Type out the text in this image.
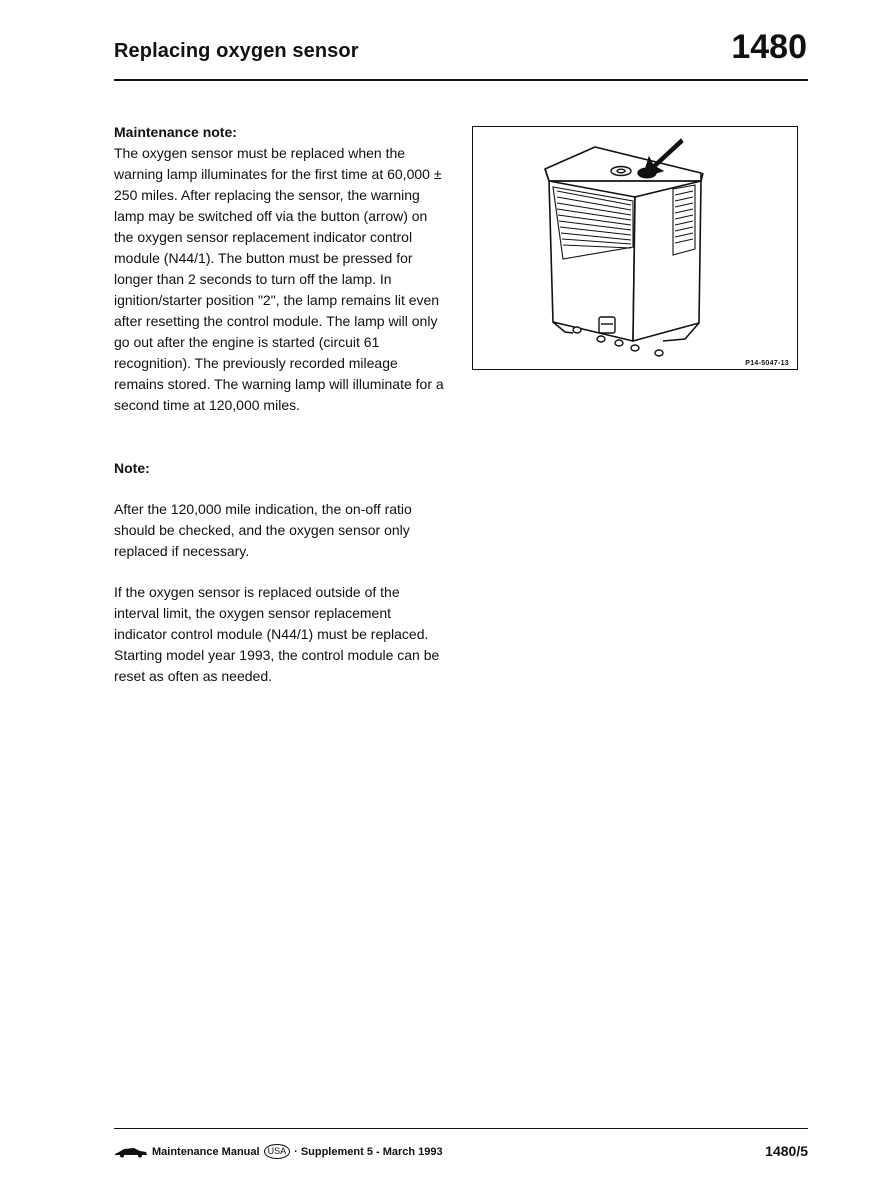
Replacing oxygen sensor	1480

Maintenance note:

The oxygen sensor must be replaced when the warning lamp illuminates for the first time at 60,000 ± 250 miles. After replacing the sensor, the warning lamp may be switched off via the button (arrow) on the oxygen sensor replacement indicator control module (N44/1). The button must be pressed for longer than 2 seconds to turn off the lamp. In ignition/starter position "2", the lamp remains lit even after resetting the control module. The lamp will only go out after the engine is started (circuit 61 recognition). The previously recorded mileage remains stored. The warning lamp will illuminate for a second time at 120,000 miles.

Note:

After the 120,000 mile indication, the on-off ratio should be checked, and the oxygen sensor only replaced if necessary.

If the oxygen sensor is replaced outside of the interval limit, the oxygen sensor replacement indicator control module (N44/1) must be replaced.

Starting model year 1993, the control module can be reset as often as needed.

P14-5047-13
Maintenance Manual USA · Supplement 5 - March 1993	1480/5
